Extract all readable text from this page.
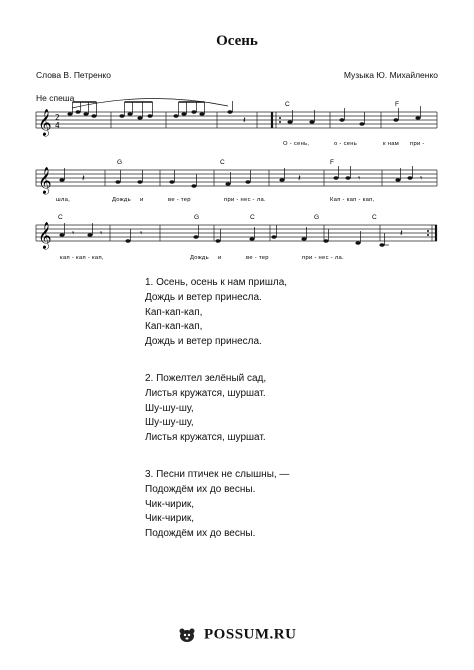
Осень
Слова В. Петренко	Музыка Ю. Михайленко
Не спеша
𝄞 2
4	𝄽
C	F
О - сень,	о - сень	к нам при -
𝄞	𝄽	𝄽	𝄾	𝄾
G	C	F
шла,	Дождь и	ве - тер	при - нес - ла.	Кап - кап - кап,
𝄞 𝄾	𝄾	𝄾	𝄽
C	G	C	G	C
кап - кап - кап,	Дождь и	ве - тер	при - нес - ла.
1. Осень, осень к нам пришла,
Дождь и ветер принесла.
Кап-кап-кап,
Кап-кап-кап,
Дождь и ветер принесла.
2. Пожелтел зелёный сад,
Листья кружатся, шуршат.
Шу-шу-шу,
Шу-шу-шу,
Листья кружатся, шуршат.
3. Песни птичек не слышны, —
Подождём их до весны.
Чик-чирик,
Чик-чирик,
Подождём их до весны.
POSSUM.RU
